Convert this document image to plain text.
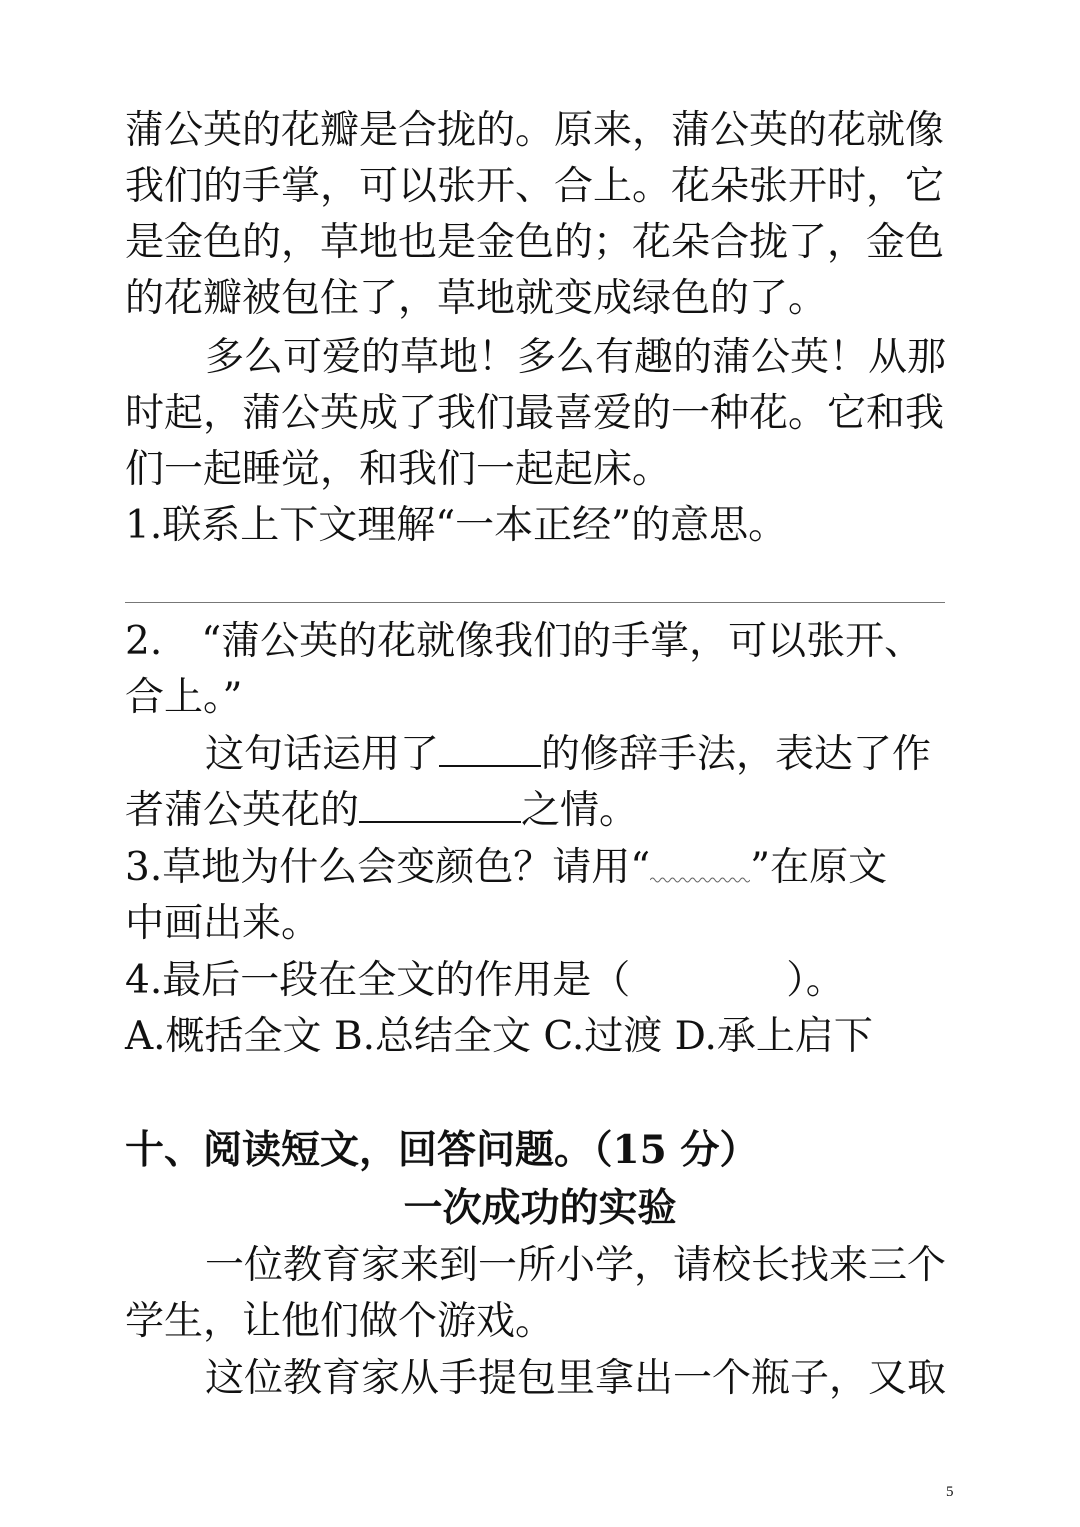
蒲公英的花瓣是合拢的。原来，蒲公英的花就像
我们的手掌，可以张开、合上。花朵张开时，它
是金色的，草地也是金色的；花朵合拢了，金色
的花瓣被包住了，草地就变成绿色的了。
多么可爱的草地！多么有趣的蒲公英！从那
时起，蒲公英成了我们最喜爱的一种花。它和我
们一起睡觉，和我们一起起床。
1.联系上下文理解“一本正经”的意思。
2.　“蒲公英的花就像我们的手掌，可以张开、
合上。”
这句话运用了	的修辞手法，表达了作
者蒲公英花的	之情。
3.草地为什么会变颜色？请用“	”在原文
中画出来。
4.最后一段在全文的作用是（　　　　）。
A.概括全文 B.总结全文 C.过渡 D.承上启下
十、阅读短文，回答问题。（15 分）
一次成功的实验
一位教育家来到一所小学，请校长找来三个
学生，让他们做个游戏。
这位教育家从手提包里拿出一个瓶子，又取
5
